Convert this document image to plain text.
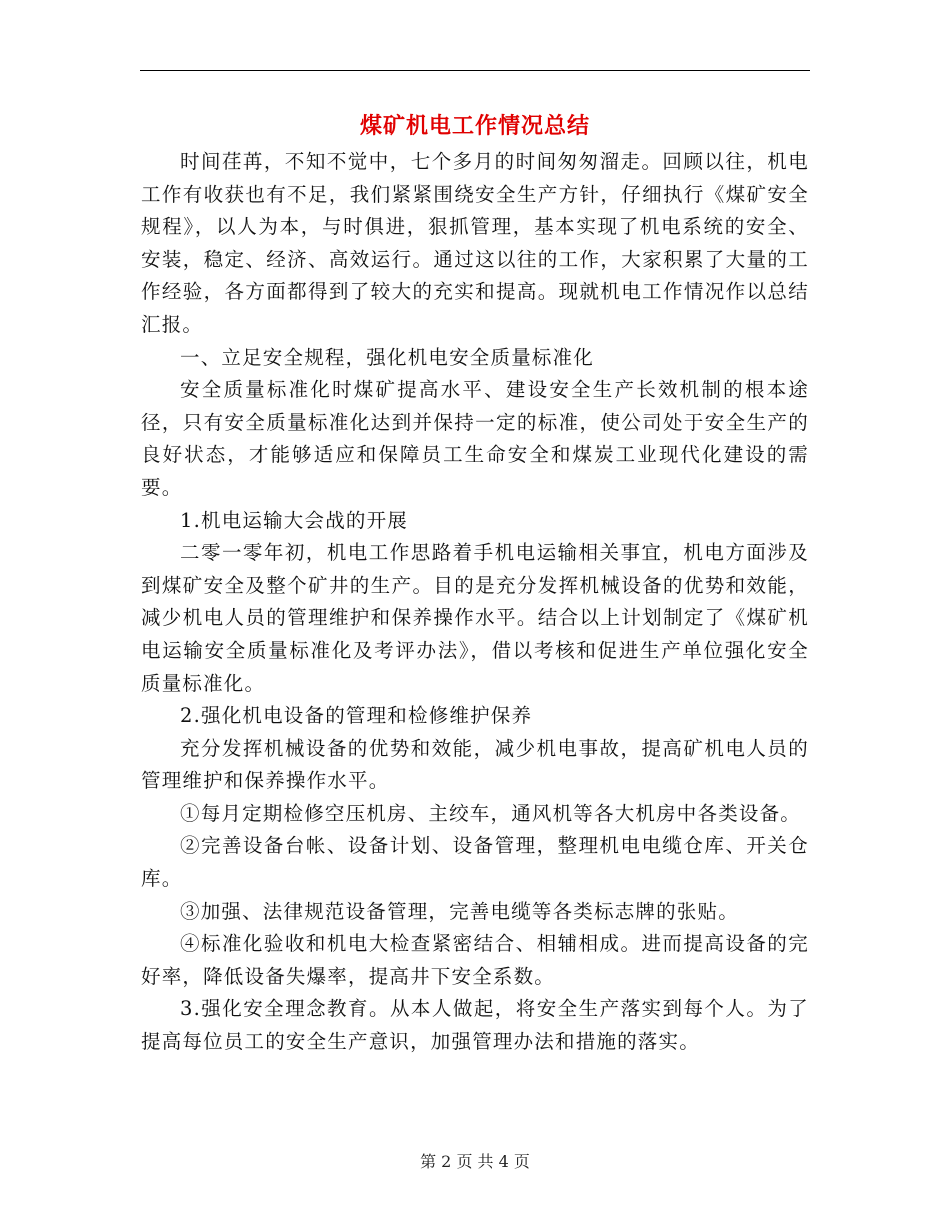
煤矿机电工作情况总结

时间荏苒，不知不觉中，七个多月的时间匆匆溜走。回顾以往，机电工作有收获也有不足，我们紧紧围绕安全生产方针，仔细执行《煤矿安全规程》，以人为本，与时俱进，狠抓管理，基本实现了机电系统的安全、安装，稳定、经济、高效运行。通过这以往的工作，大家积累了大量的工作经验，各方面都得到了较大的充实和提高。现就机电工作情况作以总结汇报。

一、立足安全规程，强化机电安全质量标准化

安全质量标准化时煤矿提高水平、建设安全生产长效机制的根本途径，只有安全质量标准化达到并保持一定的标准，使公司处于安全生产的良好状态，才能够适应和保障员工生命安全和煤炭工业现代化建设的需要。

1.机电运输大会战的开展

二零一零年初，机电工作思路着手机电运输相关事宜，机电方面涉及到煤矿安全及整个矿井的生产。目的是充分发挥机械设备的优势和效能，减少机电人员的管理维护和保养操作水平。结合以上计划制定了《煤矿机电运输安全质量标准化及考评办法》，借以考核和促进生产单位强化安全质量标准化。

2.强化机电设备的管理和检修维护保养

充分发挥机械设备的优势和效能，减少机电事故，提高矿机电人员的管理维护和保养操作水平。

①每月定期检修空压机房、主绞车，通风机等各大机房中各类设备。

②完善设备台帐、设备计划、设备管理，整理机电电缆仓库、开关仓库。

③加强、法律规范设备管理，完善电缆等各类标志牌的张贴。

④标准化验收和机电大检查紧密结合、相辅相成。进而提高设备的完好率，降低设备失爆率，提高井下安全系数。

3.强化安全理念教育。从本人做起，将安全生产落实到每个人。为了提高每位员工的安全生产意识，加强管理办法和措施的落实。

第 2 页 共 4 页
